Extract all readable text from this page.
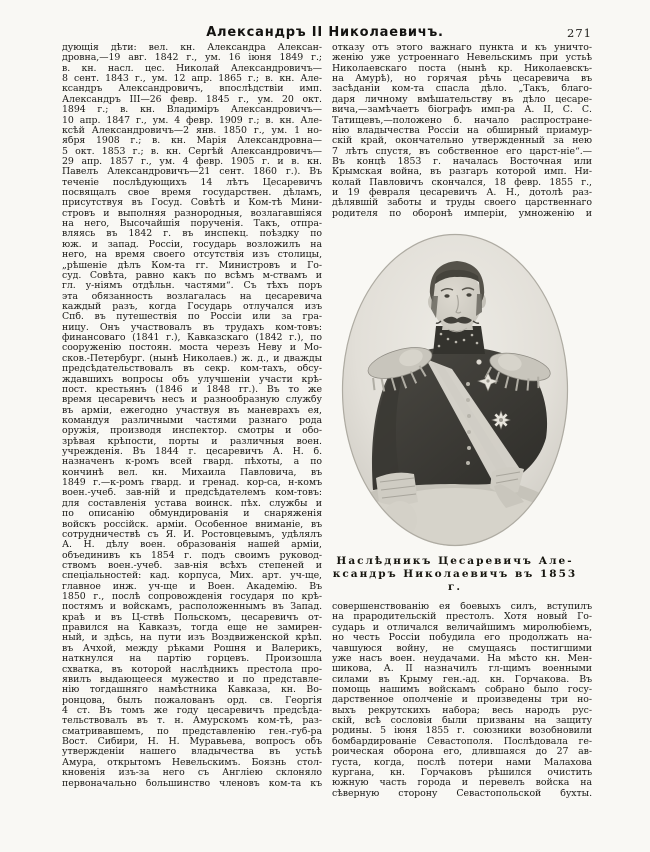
Александръ II Николаевичъ.	271
дующія дѣти: вел. кн. Александра Алексан-
дровна,—19 авг. 1842 г., ум. 16 іюня 1849 г.;
в. кн. насл. цес. Николай Александровичъ—
8 сент. 1843 г., ум. 12 апр. 1865 г.; в. кн. Але-
ксандръ Александровичъ, впослѣдствіи имп.
Александръ III—26 февр. 1845 г., ум. 20 окт.
1894 г.; в. кн. Владиміръ Александровичъ—
10 апр. 1847 г., ум. 4 февр. 1909 г.; в. кн. Але-
ксѣй Александровичъ—2 янв. 1850 г., ум. 1 но-
ября 1908 г.; в. кн. Марія Александровна—
5 окт. 1853 г.; в. кн. Сергѣй Александровичъ—
29 апр. 1857 г., ум. 4 февр. 1905 г. и в. кн.
Павелъ Александровичъ—21 сент. 1860 г.). Въ
теченіе послѣдующихъ 14 лѣтъ Цесаревичъ
посвящалъ свое время государствен. дѣламъ,
присутствуя въ Госуд. Совѣтѣ и Ком-тѣ Мини-
стровъ и выполняя разнородныя, возлагавшіяся
на него, Высочайшія порученія. Такъ, отпра-
вляясь въ 1842 г. въ инспекц. поѣздку по
юж. и запад. Россіи, государь возложилъ на
него, на время своего отсутствія изъ столицы,
„рѣшеніе дѣлъ Ком-та гг. Министровъ и Го-
суд. Совѣта, равно какъ по всѣмъ м-ствамъ и
гл. у-ніямъ отдѣльн. частями“. Съ тѣхъ поръ
эта обязанность возлагалась на цесаревича
каждый разъ, когда Государь отлучался изъ
Спб. въ путешествія по Россіи или за гра-
ницу. Онъ участвовалъ въ трудахъ ком-товъ:
финансоваго (1841 г.), Кавказскаго (1842 г.), по
сооруженію постоян. моста черезъ Неву и Мо-
сков.-Петербург. (нынѣ Николаев.) ж. д., и дважды
предсѣдательствовалъ въ секр. ком-тахъ, обсу-
ждавшихъ вопросы объ улучшеніи участи крѣ-
пост. крестьянъ (1846 и 1848 гг.). Въ то же
время цесаревичъ несъ и разнообразную службу
въ арміи, ежегодно участвуя въ маневрахъ ея,
командуя различными частями разнаго рода
оружія, производя инспектор. смотры и обо-
зрѣвая крѣпости, порты и различныя воен.
учрежденія. Въ 1844 г. цесаревичъ А. Н. б.
назначенъ к-ромъ всей гвард. пѣхоты, а по
кончинѣ вел. кн. Михаила Павловича, въ
1849 г.—к-ромъ гвард. и гренад. кор-са, н-комъ
воен.-учеб. зав-ній и предсѣдателемъ ком-товъ:
для составленія устава воинск. пѣх. службы и
по описанію обмундированія и снаряженія
войскъ россійск. арміи. Особенное вниманіе, въ
сотрудничествѣ съ Я. И. Ростовцевымъ, удѣлялъ
А. Н. дѣлу воен. образованія нашей арміи,
объединивъ къ 1854 г. подъ своимъ руковод-
ствомъ воен.-учеб. зав-нія всѣхъ степеней и
спеціальностей: кад. корпуса, Мих. арт. уч-ще,
главное инж. уч-ще и Воен. Академію. Въ
1850 г., послѣ сопровожденія государя по крѣ-
постямъ и войскамъ, расположеннымъ въ Запад.
краѣ и въ Ц-ствѣ Польскомъ, цесаревичъ от-
правился на Кавказъ, тогда еще не замирен-
ный, и здѣсь, на пути изъ Воздвиженской крѣп.
въ Ачхой, между рѣками Рошня и Валерикъ,
наткнулся на партію горцевъ. Произошла
схватка, въ которой наслѣдникъ престола про-
явилъ выдающееся мужество и по представле-
нію тогдашняго намѣстника Кавказа, кн. Во-
ронцова, былъ пожалованъ орд. св. Георгія
4 ст. Въ томъ же году цесаревичъ предсѣда-
тельствовалъ въ т. н. Амурскомъ ком-тѣ, раз-
сматривавшемъ, по представленію ген.-губ-ра
Вост. Сибири, Н. Н. Муравьева, вопросъ объ
утвержденіи нашего владычества въ устьѣ
Амура, открытомъ Невельскимъ. Боязнь стол-
кновенія изъ-за него съ Англіею склоняло
первоначально большинство членовъ ком-та къ
отказу отъ этого важнаго пункта и къ уничто-
женію уже устроеннаго Невельскимъ при устьѣ
Николаевскаго поста (нынѣ кр. Николаевскъ-
на Амурѣ), но горячая рѣчь цесаревича въ
засѣданіи ком-та спасла дѣло. „Такъ, благо-
даря личному вмѣшательству въ дѣло цесаре-
вича,—замѣчаетъ біографъ имп-ра А. II, С. С.
Татищевъ,—положено б. начало распростране-
нію владычества Россіи на обширный приамур-
скій край, окончательно утвержденный за нею
7 лѣтъ спустя, въ собственное его царст-ніе“.—
Въ концѣ 1853 г. началась Восточная или
Крымская война, въ разгаръ которой имп. Ни-
колай Павловичъ скончался, 18 февр. 1855 г.,
и 19 февраля цесаревичъ А. Н., дотолѣ раз-
дѣлявшій заботы и труды своего царственнаго
родителя по оборонѣ имперіи, умноженію и
Наслѣдникъ Цесаревичъ Але-
ксандръ Николаевичъ въ 1853 г.
совершенствованію ея боевыхъ силъ, вступилъ
на прародительскій престолъ. Хотя новый Го-
сударь и отличался величайшимъ миролюбіемъ,
но честь Россіи побудила его продолжать на-
чавшуюся войну, не смущаясь постигшими
уже насъ воен. неудачами. На мѣсто кн. Мен-
шикова, А. II назначилъ гл-щимъ военными
силами въ Крыму ген.-ад. кн. Горчакова. Въ
помощь нашимъ войскамъ собрано было госу-
дарственное ополченіе и произведены три но-
выхъ рекрутскихъ набора; весь народъ рус-
скій, всѣ сословія были призваны на защиту
родины. 5 іюня 1855 г. союзники возобновили
бомбардированіе Севастополя. Послѣдовала ге-
роическая оборона его, длившаяся до 27 ав-
густа, когда, послѣ потери нами Малахова
кургана, кн. Горчаковъ рѣшился очистить
южную часть города и перевелъ войска на
сѣверную сторону Севастопольской бухты.
